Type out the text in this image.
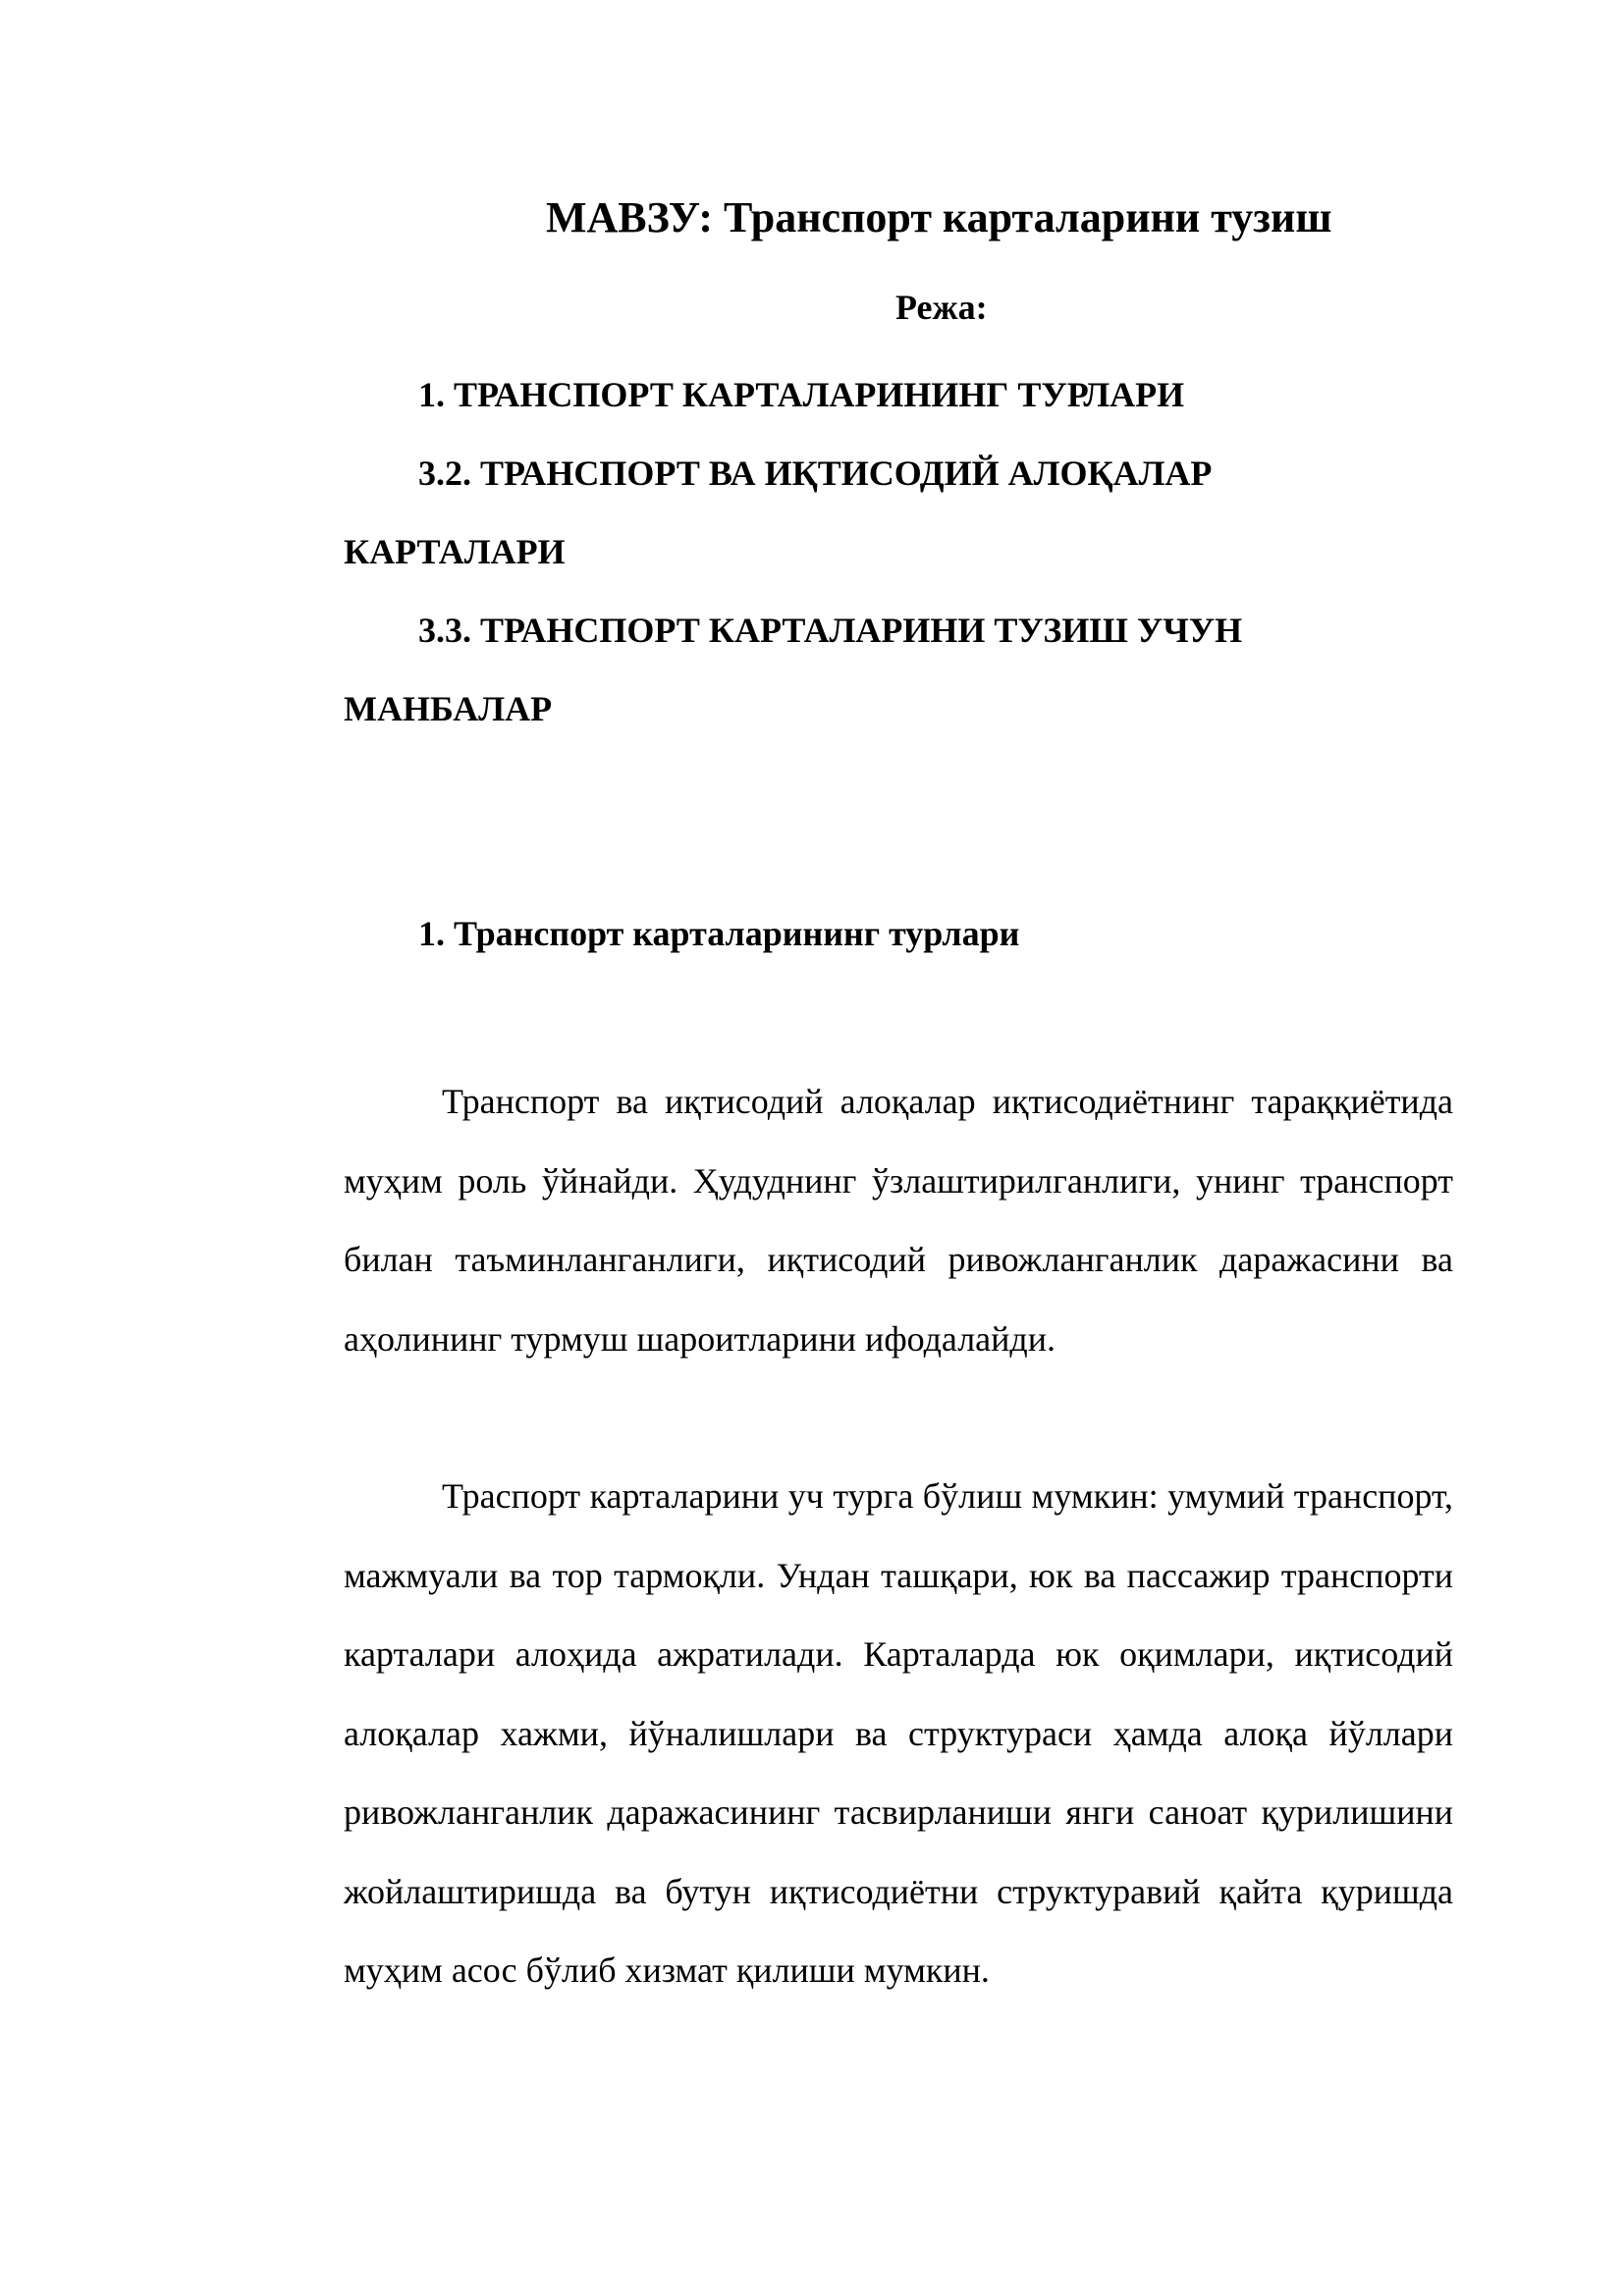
МАВЗУ: Транспорт карталарини тузиш
Режа:
1. ТРАНСПОРТ КАРТАЛАРИНИНГ ТУРЛАРИ
3.2. ТРАНСПОРТ ВА ИҚТИСОДИЙ АЛОҚАЛАР
КАРТАЛАРИ
3.3. ТРАНСПОРТ КАРТАЛАРИНИ ТУЗИШ УЧУН
МАНБАЛАР
1. Транспорт карталарининг турлари

Транспорт ва иқтисодий алоқалар иқтисодиётнинг тараққиётида муҳим роль ўйнайди. Ҳудуднинг ўзлаштирилганлиги, унинг транспорт билан таъминланганлиги, иқтисодий ривожланганлик даражасини ва аҳолининг турмуш шароитларини ифодалайди.

Траспорт карталарини уч турга бўлиш мумкин: умумий транспорт, мажмуали ва тор тармоқли. Ундан ташқари, юк ва пассажир транспорти карталари алоҳида ажратилади. Карталарда юк оқимлари, иқтисодий алоқалар хажми, йўналишлари ва структураси ҳамда алоқа йўллари ривожланганлик даражасининг тасвирланиши янги саноат қурилишини жойлаштиришда ва бутун иқтисодиётни структуравий қайта қуришда муҳим асос бўлиб хизмат қилиши мумкин.
